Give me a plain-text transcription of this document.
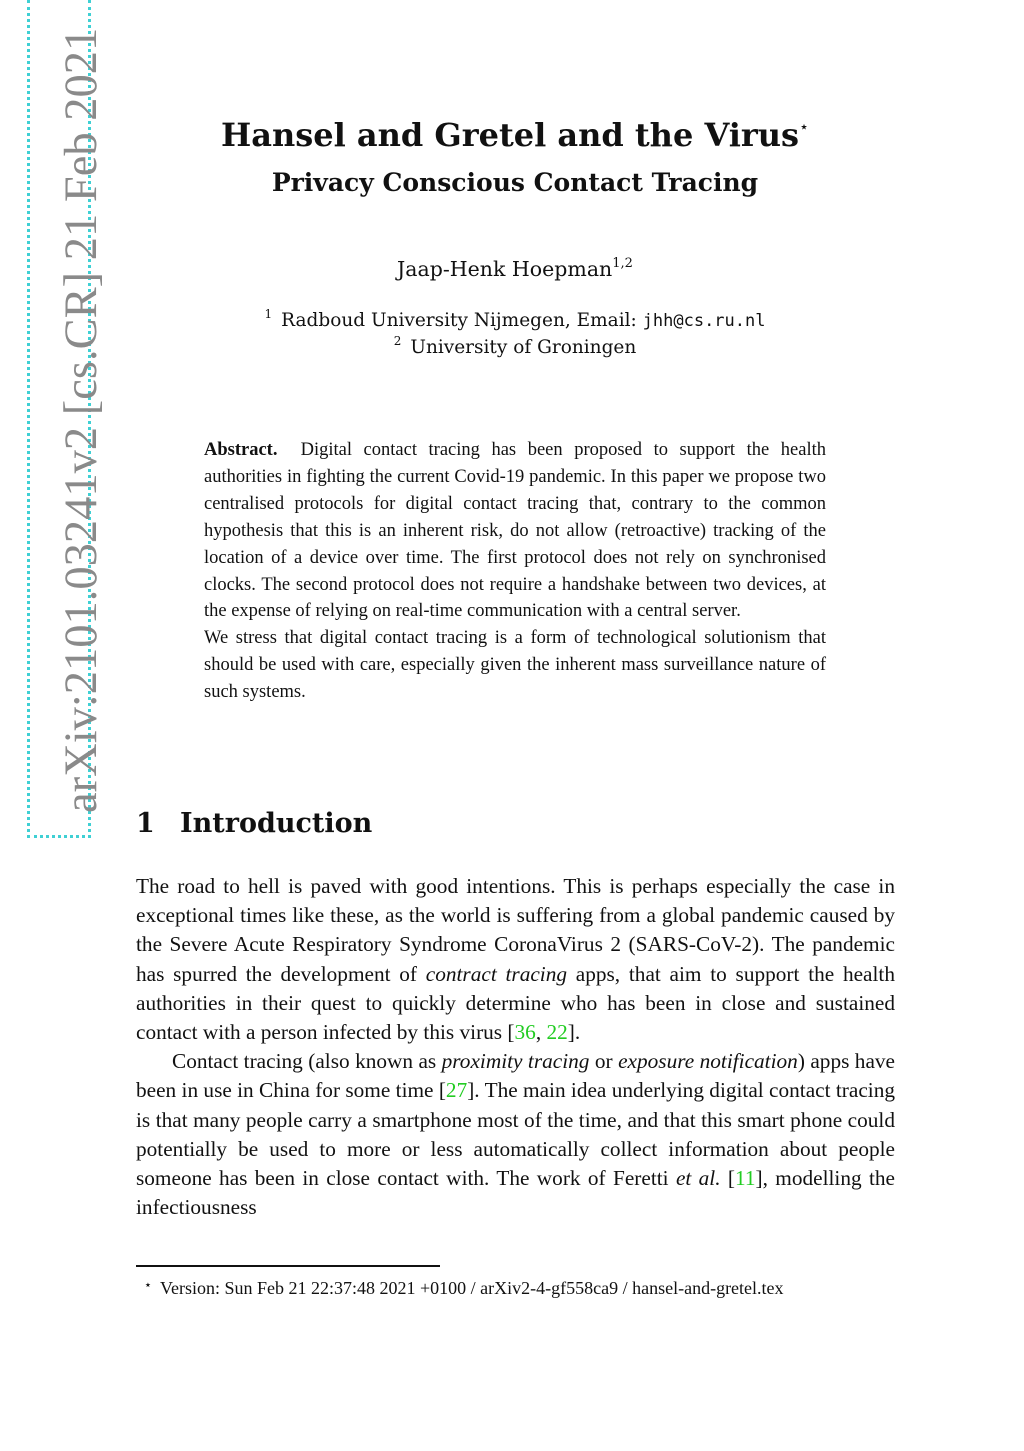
arXiv:2101.03241v2 [cs.CR] 21 Feb 2021	Hansel and Gretel and the Virus⋆
Privacy Conscious Contact Tracing
Jaap-Henk Hoepman$^{1,2}$
$^1$ Radboud University Nijmegen, Email: jhh@cs.ru.nl
$^2$ University of Groningen

Abstract. Digital contact tracing has been proposed to support the health authorities in fighting the current Covid-19 pandemic. In this paper we propose two centralised protocols for digital contact tracing that, contrary to the common hypothesis that this is an inherent risk, do not allow (retroactive) tracking of the location of a device over time. The first protocol does not rely on synchronised clocks. The second protocol does not require a handshake between two devices, at the expense of relying on real-time communication with a central server.

We stress that digital contact tracing is a form of technological solutionism that should be used with care, especially given the inherent mass surveillance nature of such systems.

1 Introduction

The road to hell is paved with good intentions. This is perhaps especially the case in exceptional times like these, as the world is suffering from a global pandemic caused by the Severe Acute Respiratory Syndrome CoronaVirus 2 (SARS-CoV-2). The pandemic has spurred the development of contract tracing apps, that aim to support the health authorities in their quest to quickly determine who has been in close and sustained contact with a person infected by this virus [36, 22].

Contact tracing (also known as proximity tracing or exposure notification) apps have been in use in China for some time [27]. The main idea underlying digital contact tracing is that many people carry a smartphone most of the time, and that this smart phone could potentially be used to more or less automatically collect information about people someone has been in close contact with. The work of Feretti et al. [11], modelling the infectiousness

⋆ Version: Sun Feb 21 22:37:48 2021 +0100 / arXiv2-4-gf558ca9 / hansel-and-gretel.tex
